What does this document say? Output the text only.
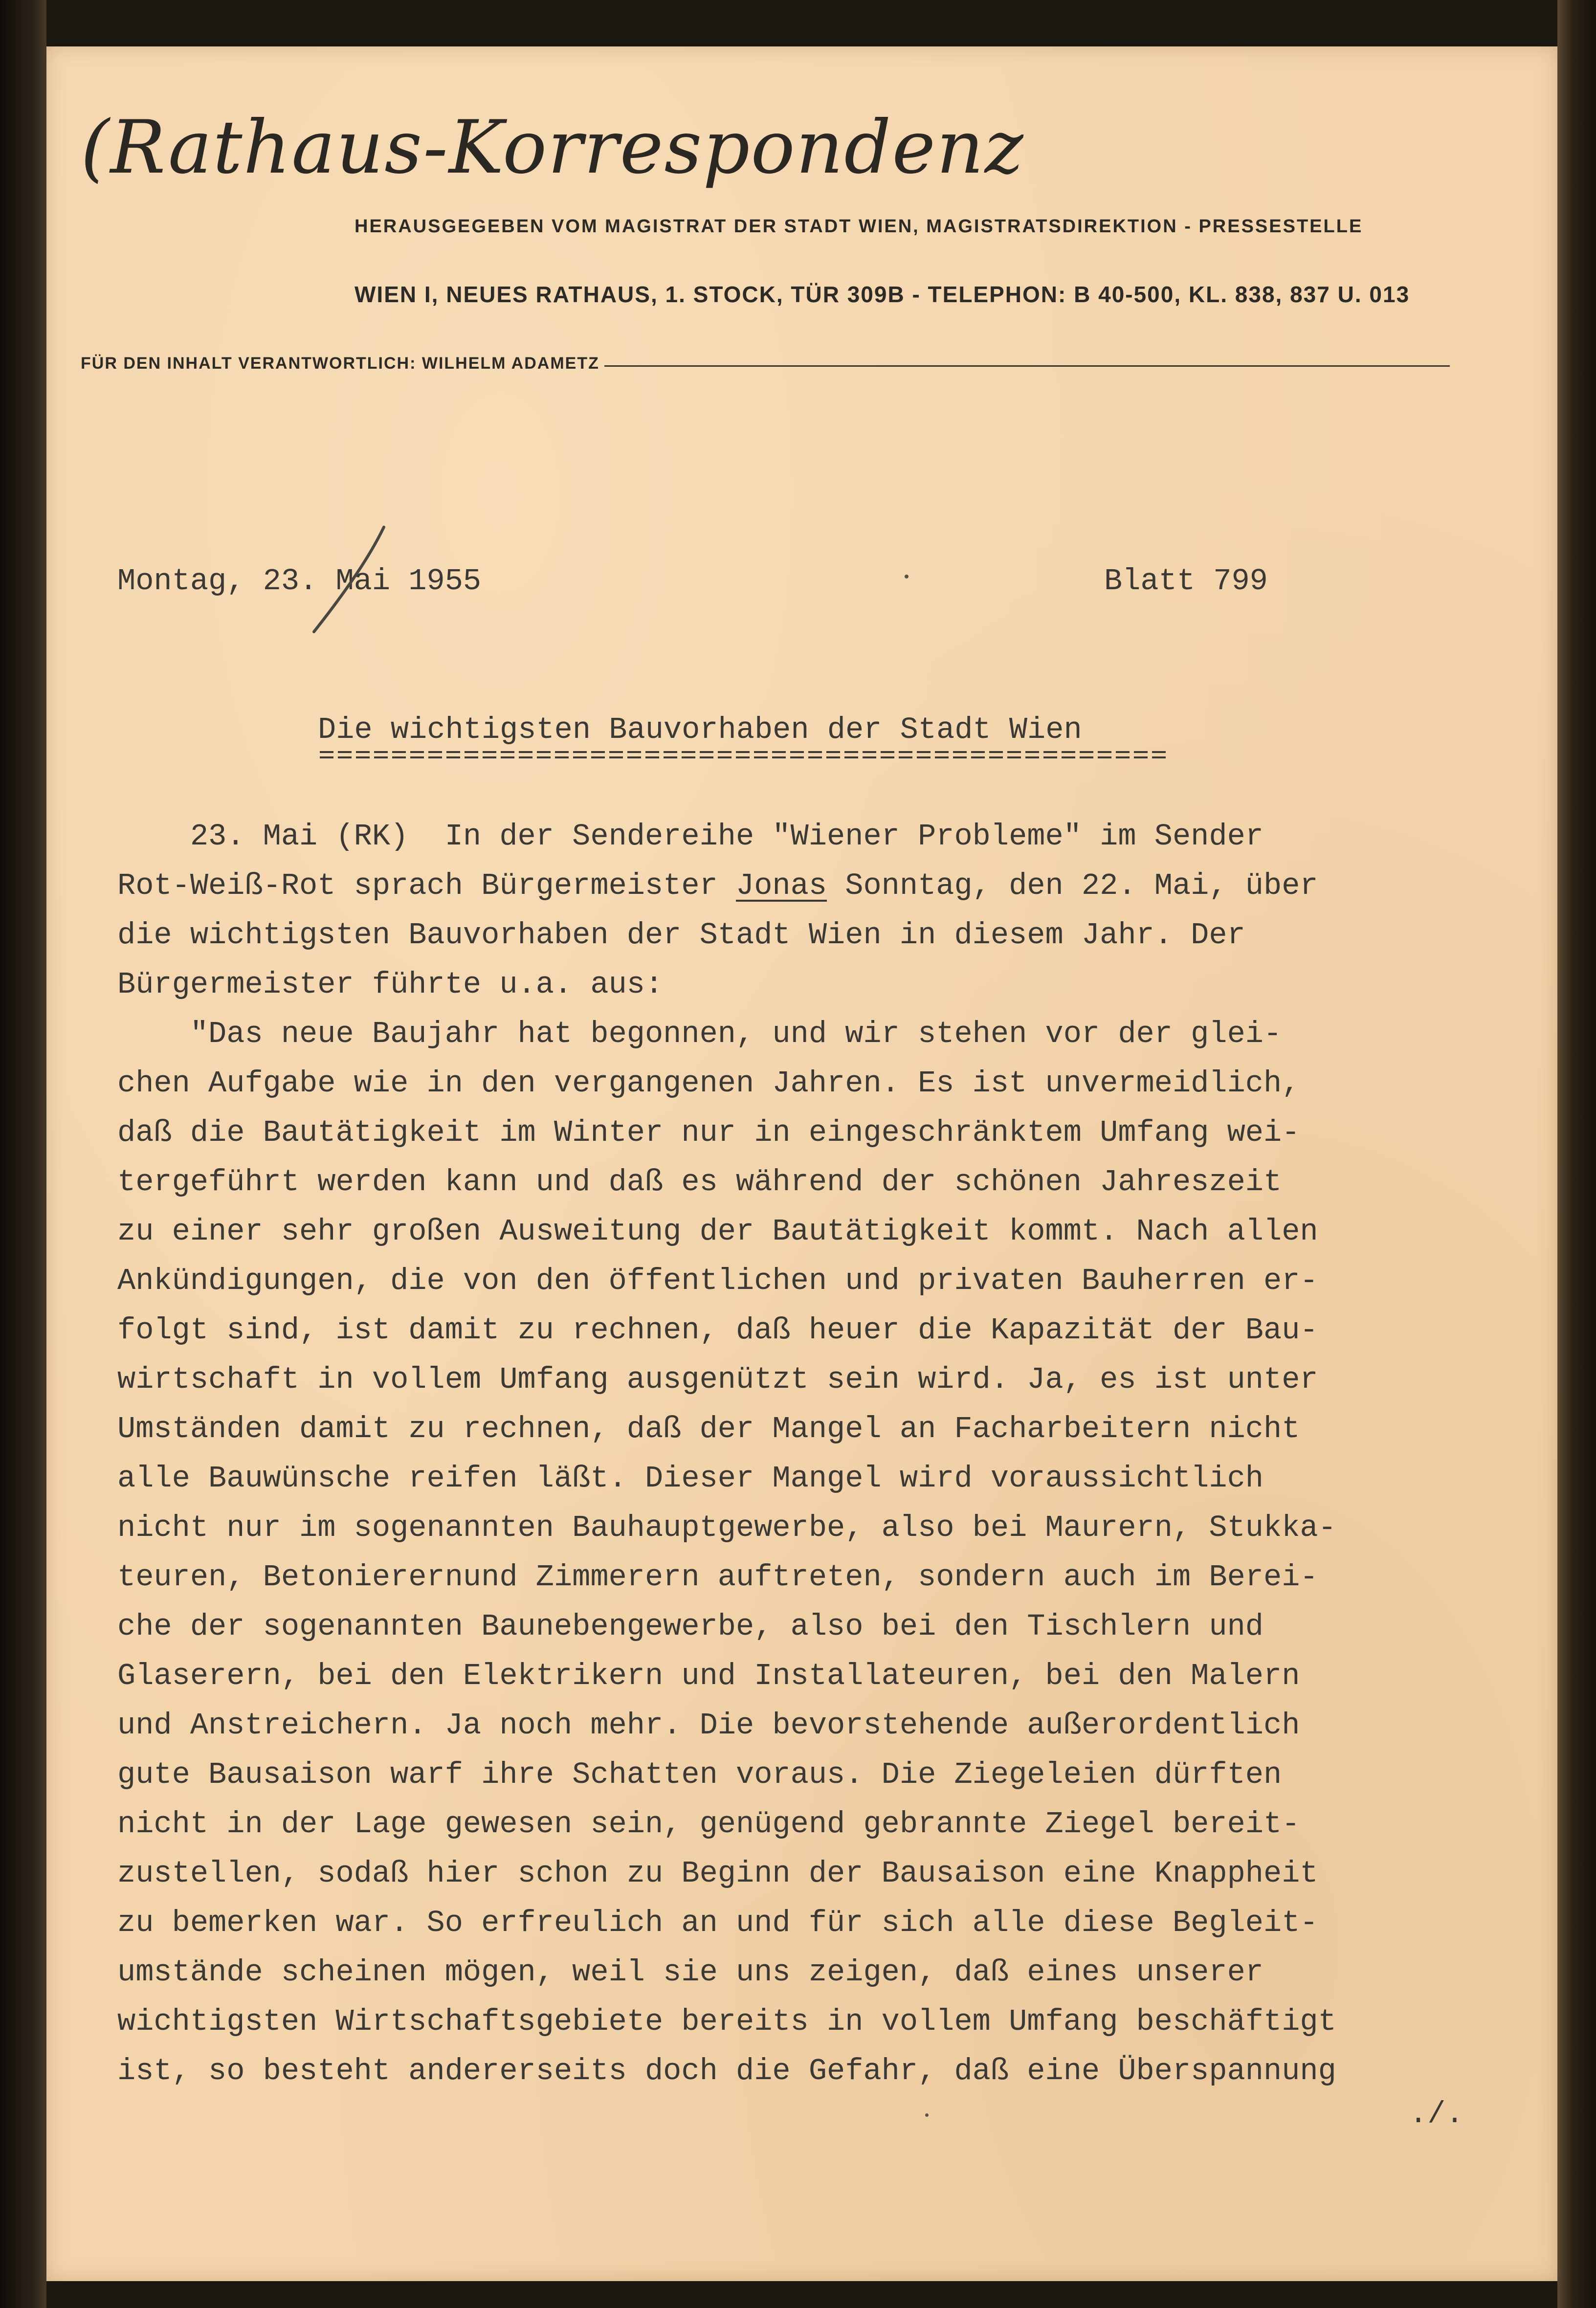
(Rathaus-Korrespondenz
HERAUSGEGEBEN VOM MAGISTRAT DER STADT WIEN, MAGISTRATSDIREKTION - PRESSESTELLE
WIEN I, NEUES RATHAUS, 1. STOCK, TÜR 309B - TELEPHON: B 40-500, KL. 838, 837 U. 013
FÜR DEN INHALT VERANTWORTLICH: WILHELM ADAMETZ
Montag, 23. Mai 1955	Blatt 799
Die wichtigsten Bauvorhaben der Stadt Wien
23. Mai (RK)  In der Sendereihe "Wiener Probleme" im Sender
Rot-Weiß-Rot sprach Bürgermeister Jonas Sonntag, den 22. Mai, über
die wichtigsten Bauvorhaben der Stadt Wien in diesem Jahr. Der
Bürgermeister führte u.a. aus:
"Das neue Baujahr hat begonnen, und wir stehen vor der glei-
chen Aufgabe wie in den vergangenen Jahren. Es ist unvermeidlich,
daß die Bautätigkeit im Winter nur in eingeschränktem Umfang wei-
tergeführt werden kann und daß es während der schönen Jahreszeit
zu einer sehr großen Ausweitung der Bautätigkeit kommt. Nach allen
Ankündigungen, die von den öffentlichen und privaten Bauherren er-
folgt sind, ist damit zu rechnen, daß heuer die Kapazität der Bau-
wirtschaft in vollem Umfang ausgenützt sein wird. Ja, es ist unter
Umständen damit zu rechnen, daß der Mangel an Facharbeitern nicht
alle Bauwünsche reifen läßt. Dieser Mangel wird voraussichtlich
nicht nur im sogenannten Bauhauptgewerbe, also bei Maurern, Stukka-
teuren, Betonierernund Zimmerern auftreten, sondern auch im Berei-
che der sogenannten Baunebengewerbe, also bei den Tischlern und
Glaserern, bei den Elektrikern und Installateuren, bei den Malern
und Anstreichern. Ja noch mehr. Die bevorstehende außerordentlich
gute Bausaison warf ihre Schatten voraus. Die Ziegeleien dürften
nicht in der Lage gewesen sein, genügend gebrannte Ziegel bereit-
zustellen, sodaß hier schon zu Beginn der Bausaison eine Knappheit
zu bemerken war. So erfreulich an und für sich alle diese Begleit-
umstände scheinen mögen, weil sie uns zeigen, daß eines unserer
wichtigsten Wirtschaftsgebiete bereits in vollem Umfang beschäftigt
ist, so besteht andererseits doch die Gefahr, daß eine Überspannung
./.
